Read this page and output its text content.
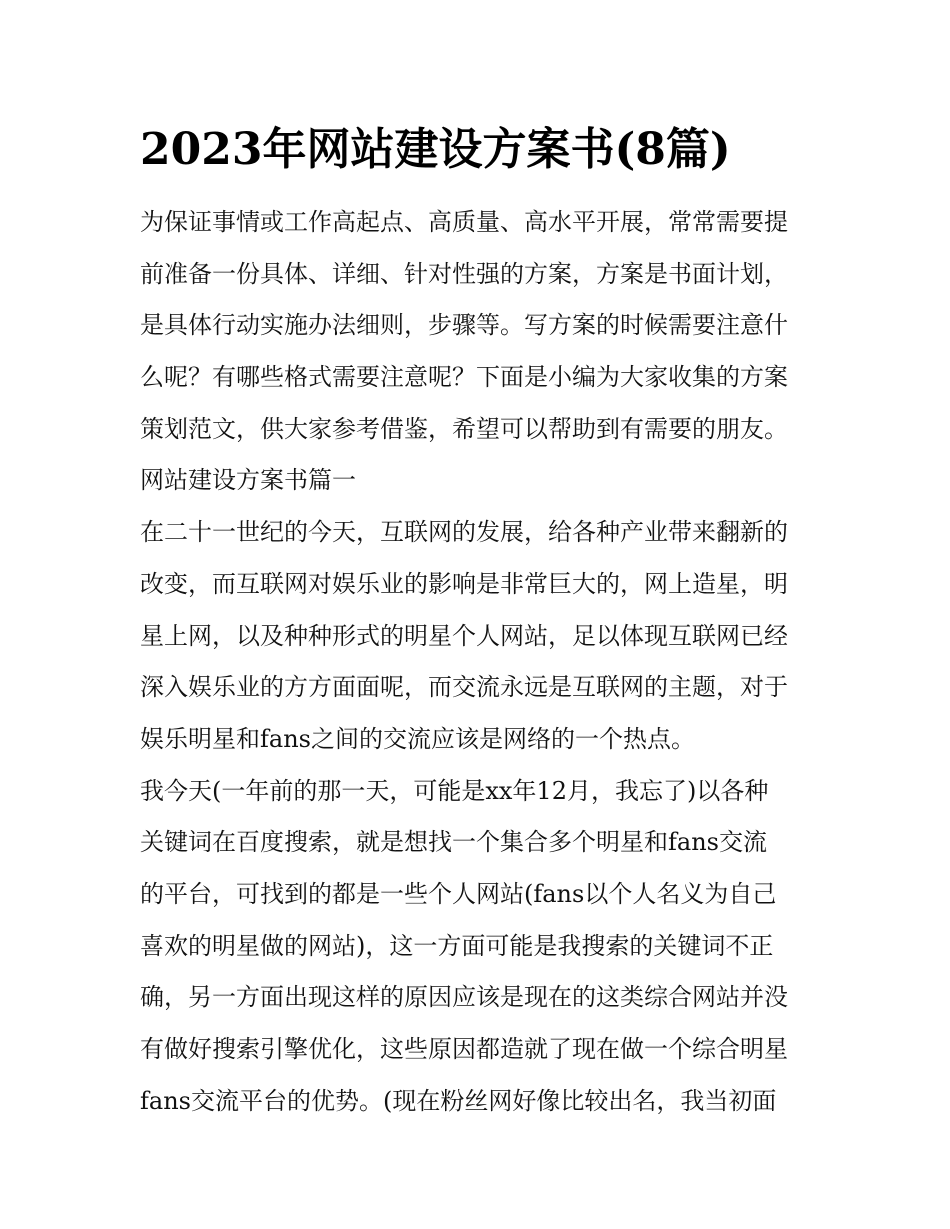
2023年网站建设方案书(8篇)
为保证事情或工作高起点、高质量、高水平开展，常常需要提
前准备一份具体、详细、针对性强的方案，方案是书面计划，
是具体行动实施办法细则，步骤等。写方案的时候需要注意什
么呢？有哪些格式需要注意呢？下面是小编为大家收集的方案
策划范文，供大家参考借鉴，希望可以帮助到有需要的朋友。
网站建设方案书篇一
在二十一世纪的今天，互联网的发展，给各种产业带来翻新的
改变，而互联网对娱乐业的影响是非常巨大的，网上造星，明
星上网，以及种种形式的明星个人网站，足以体现互联网已经
深入娱乐业的方方面面呢，而交流永远是互联网的主题，对于
娱乐明星和fans之间的交流应该是网络的一个热点。
我今天(一年前的那一天，可能是xx年12月，我忘了)以各种
关键词在百度搜索，就是想找一个集合多个明星和fans交流
的平台，可找到的都是一些个人网站(fans以个人名义为自己
喜欢的明星做的网站)，这一方面可能是我搜索的关键词不正
确，另一方面出现这样的原因应该是现在的这类综合网站并没
有做好搜索引擎优化，这些原因都造就了现在做一个综合明星
fans交流平台的优势。(现在粉丝网好像比较出名，我当初面
